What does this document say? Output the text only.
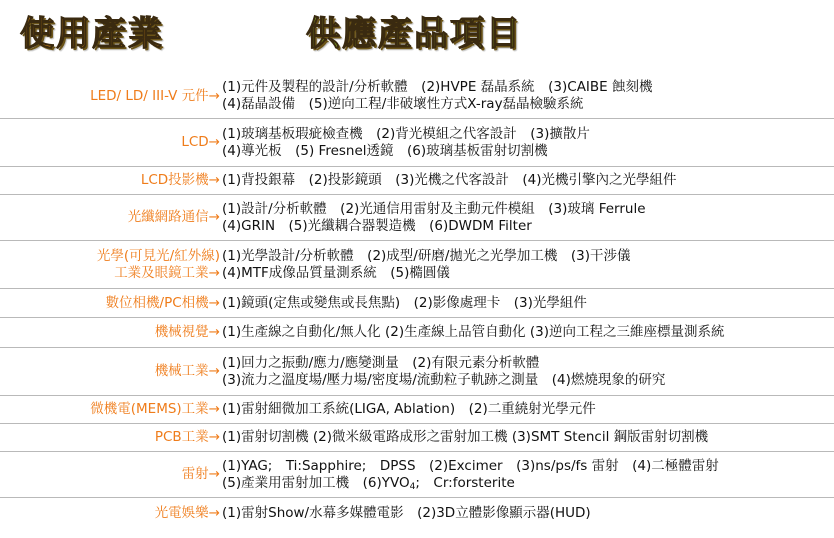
使用產業	供應產品項目
LED/ LD/ III-V 元件→
(1)元件及製程的設計/分析軟體　(2)HVPE 磊晶系統　(3)CAIBE 蝕刻機
(4)磊晶設備　(5)逆向工程/非破壞性方式X-ray磊晶檢驗系統
LCD→
(1)玻璃基板瑕疵檢查機　(2)背光模組之代客設計　(3)擴散片
(4)導光板　(5) Fresnel透鏡　(6)玻璃基板雷射切割機
LCD投影機→ (1)背投銀幕　(2)投影鏡頭　(3)光機之代客設計　(4)光機引擎內之光學組件
光纖網路通信→
(1)設計/分析軟體　(2)光通信用雷射及主動元件模組　(3)玻璃 Ferrule
(4)GRIN　(5)光纖耦合器製造機　(6)DWDM Filter
光學(可見光/紅外線)
工業及眼鏡工業→
(1)光學設計/分析軟體　(2)成型/研磨/拋光之光學加工機　(3)干涉儀
(4)MTF成像品質量測系統　(5)橢圓儀
數位相機/PC相機→ (1)鏡頭(定焦或變焦或長焦點)　(2)影像處理卡　(3)光學組件
機械視覺→ (1)生產線之自動化/無人化 (2)生產線上品管自動化 (3)逆向工程之三維座標量測系統
機械工業→
(1)回力之振動/應力/應變測量　(2)有限元素分析軟體
(3)流力之溫度場/壓力場/密度場/流動粒子軌跡之測量　(4)燃燒現象的研究
微機電(MEMS)工業→ (1)雷射細微加工系統(LIGA, Ablation)　(2)二重繞射光學元件
PCB工業→ (1)雷射切割機 (2)微米級電路成形之雷射加工機 (3)SMT Stencil 鋼版雷射切割機
雷射→
(1)YAG;　Ti:Sapphire;　DPSS　(2)Excimer　(3)ns/ps/fs 雷射　(4)二極體雷射
(5)產業用雷射加工機　$(6)YVO_4$;　Cr:forsterite
光電娛樂→ (1)雷射Show/水幕多媒體電影　(2)3D立體影像顯示器(HUD)
